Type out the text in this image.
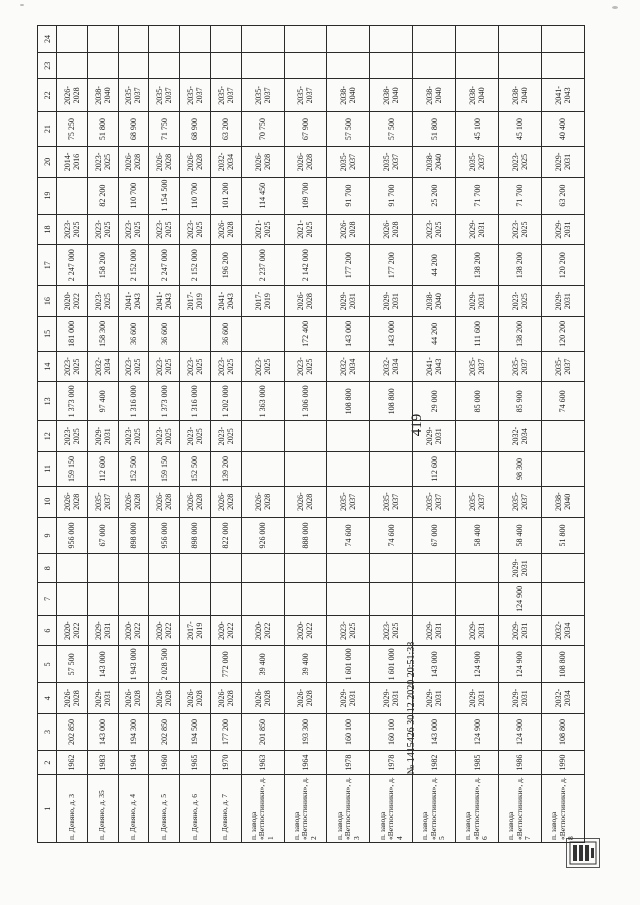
419
№ 1415426 30.12.2020 20:51:38
1	2	3	4	5	6	7	8	9	10	11	12	13	14	15	16	17	18	19	20	21	22	23	24
п. Девяно, д. 3	1962	202 850	2026-2028	57 500	2020-2022			956 000	2026-2028	159 150	2023-2025	1 373 000	2023-2025	181 000	2020-2022	2 247 000	2023-2025		2014-2016	75 250	2026-2028		
п. Девяно, д. 35	1983	143 000	2029-2031	143 000	2029-2031			67 000	2035-2037	112 600	2029-2031	97 400	2032-2034	158 300	2023-2025	158 200	2023-2025	82 200	2023-2025	51 800	2038-2040		
п. Девяно, д. 4	1964	194 300	2026-2028	1 943 000	2020-2022			898 000	2026-2028	152 500	2023-2025	1 316 000	2023-2025	36 600	2041-2043	2 152 000	2023-2025	110 700	2026-2028	68 900	2035-2037		
п. Девяно, д. 5	1960	202 850	2026-2028	2 028 500	2020-2022			956 000	2026-2028	159 150	2023-2025	1 373 000	2023-2025	36 600	2041-2043	2 247 000	2023-2025	1 154 500	2026-2028	71 750	2035-2037		
п. Девяно, д. 6	1965	194 500	2026-2028		2017-2019			898 000	2026-2028	152 500	2023-2025	1 316 000	2023-2025		2017-2019	2 152 000	2023-2025	110 700	2026-2028	68 900	2035-2037		
п. Девяно, д. 7	1970	177 200	2026-2028	772 000	2020-2022			822 000	2026-2028	139 200	2023-2025	1 202 000	2023-2025	36 600	2041-2043	196 200	2026-2028	101 200	2032-2034	63 200	2035-2037		
п. завода «Ветпостиники», д. 1	1963	201 850	2026-2028	39 400	2020-2022			926 000	2026-2028			1 363 000	2023-2025		2017-2019	2 237 000	2021-2025	114 450	2026-2028	70 750	2035-2037		
п. завода «Ветпостиники», д. 2	1964	193 300	2026-2028	39 400	2020-2022			888 000	2026-2028			1 306 000	2023-2025	172 400	2026-2028	2 142 000	2021-2025	109 700	2026-2028	67 900	2035-2037		
п. завода «Ветпостиники», д. 3	1978	160 100	2029-2031	1 601 000	2023-2025			74 600	2035-2037			108 800	2032-2034	143 000	2029-2031	177 200	2026-2028	91 700	2035-2037	57 500	2038-2040		
п. завода «Ветпостиники», д. 4	1978	160 100	2029-2031	1 601 000	2023-2025			74 600	2035-2037			108 800	2032-2034	143 000	2029-2031	177 200	2026-2028	91 700	2035-2037	57 500	2038-2040		
п. завода «Ветпостиники», д. 5	1982	143 000	2029-2031	143 000	2029-2031			67 000	2035-2037	112 600	2029-2031	29 000	2041-2043	44 200	2038-2040	44 200	2023-2025	25 200	2038-2040	51 800	2038-2040		
п. завода «Ветпостиники», д. 6	1985	124 900	2029-2031	124 900	2029-2031			58 400	2035-2037			85 000	2035-2037	111 600	2029-2031	138 200	2029-2031	71 700	2035-2037	45 100	2038-2040		
п. завода «Ветпостиники», д. 7	1986	124 900	2029-2031	124 900	2029-2031	124 900	2029-2031	58 400	2035-2037	98 300	2032-2034	85 900	2035-2037	138 200	2023-2025	138 200	2023-2025	71 700	2023-2025	45 100	2038-2040		
п. завода «Ветпостиники», д. 8	1990	108 800	2032-2034	108 800	2032-2034			51 800	2038-2040			74 600	2035-2037	120 200	2029-2031	120 200	2029-2031	63 200	2029-2031	40 400	2041-2043		
